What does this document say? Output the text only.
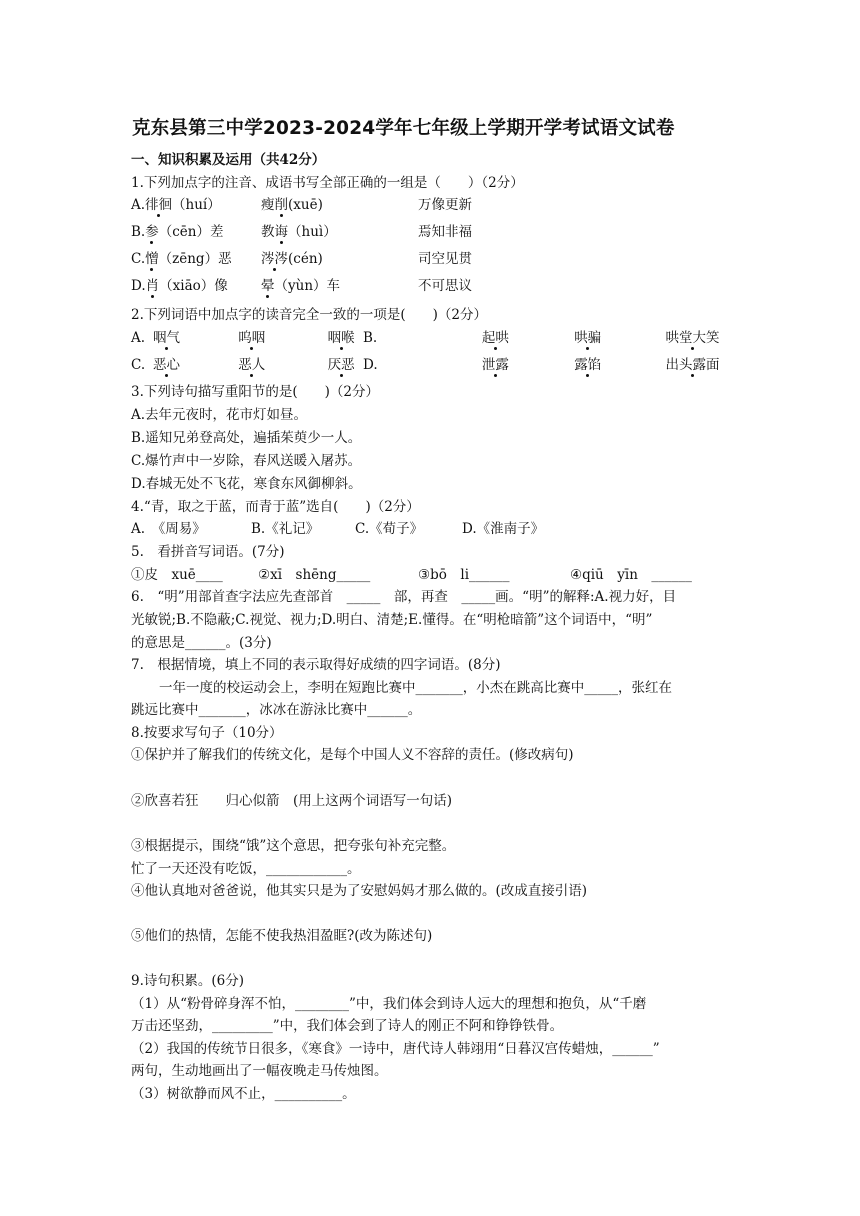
克东县第三中学2023-2024学年七年级上学期开学考试语文试卷
一、知识积累及运用（共42分）
1.下列加点字的注音、成语书写全部正确的一组是（　　）（2分）
A.徘徊（huí）	瘦削(xuē)	万像更新
B.参（cēn）差	教诲（huì）	焉知非福
C.憎（zēng）恶 涔涔(cén)	司空见贯
D.肖（xiāo）像 晕（yùn）车	不可思议
2.下列词语中加点字的读音完全一致的一项是(　　)（2分）
A. 咽气	呜咽	咽喉 B.	起哄	哄骗	哄堂大笑
C. 恶心	恶人	厌恶 D.	泄露	露馅	出头露面
3.下列诗句描写重阳节的是(　　)（2分）
A.去年元夜时，花市灯如昼。
B.遥知兄弟登高处，遍插茱萸少一人。
C.爆竹声中一岁除，春风送暖入屠苏。
D.春城无处不飞花，寒食东风御柳斜。
4.“青，取之于蓝，而青于蓝”选自(　　)（2分）
A.　《周易》	B.《礼记》	C.《荀子》	D.《淮南子》
5.　看拼音写词语。(7分)
①皮　xuē____	②xī　shēng_____	③bō　li______	④qiū　yīn　______
6.　“明”用部首查字法应先查部首　_____　部，再查　_____画。“明”的解释:A.视力好，目
光敏锐;B.不隐蔽;C.视觉、视力;D.明白、清楚;E.懂得。在“明枪暗箭”这个词语中，“明”
的意思是______。(3分)
7.　根据情境，填上不同的表示取得好成绩的四字词语。(8分)
一年一度的校运动会上，李明在短跑比赛中_______，小杰在跳高比赛中_____，张红在
跳远比赛中_______，冰冰在游泳比赛中______。
8.按要求写句子（10分）
①保护并了解我们的传统文化，是每个中国人义不容辞的责任。(修改病句)
②欣喜若狂　　归心似箭　(用上这两个词语写一句话)
③根据提示，围绕“饿”这个意思，把夸张句补充完整。
忙了一天还没有吃饭，____________。
④他认真地对爸爸说，他其实只是为了安慰妈妈才那么做的。(改成直接引语)
⑤他们的热情，怎能不使我热泪盈眶?(改为陈述句)
9.诗句积累。(6分)
（1）从“粉骨碎身浑不怕，________”中，我们体会到诗人远大的理想和抱负，从“千磨
万击还坚劲，_________”中，我们体会到了诗人的刚正不阿和铮铮铁骨。
（2）我国的传统节日很多，《寒食》一诗中，唐代诗人韩翊用“日暮汉宫传蜡烛，______”
两句，生动地画出了一幅夜晚走马传烛图。
（3）树欲静而风不止，__________。
